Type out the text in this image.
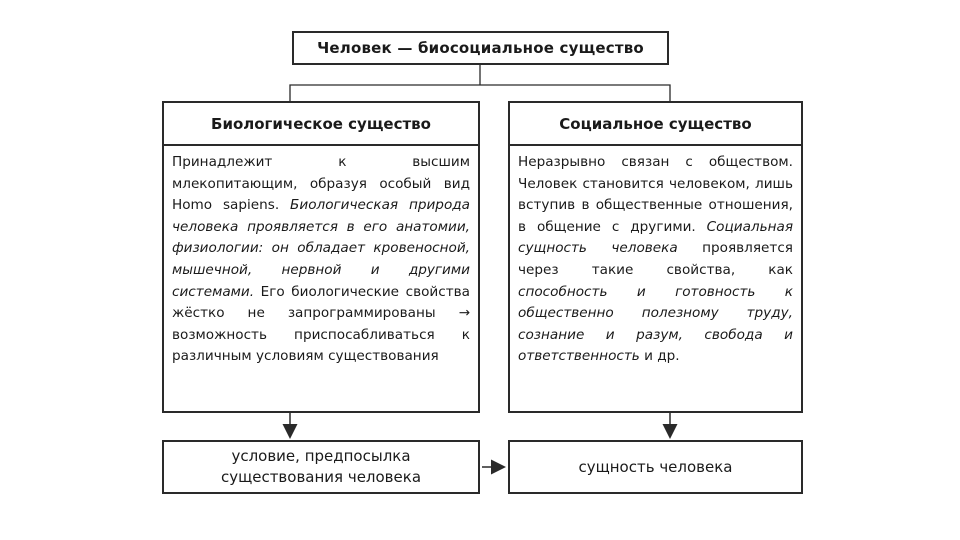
Человек — биосоциальное существо
Биологическое существо
Принадлежит к высшим млекопитающим, образуя особый вид Homo sapiens. Биологическая природа человека проявляется в его анатомии, физиологии: он обладает кровеносной, мышечной, нервной и другими системами. Его биологические свойства жёстко не запрограммированы → возможность приспосабливаться к различным условиям существования
Социальное существо
Неразрывно связан с обществом. Человек становится человеком, лишь вступив в общественные отношения, в общение с другими. Социальная сущность человека проявляется через такие свойства, как способность и готовность к общественно полезному труду, сознание и разум, свобода и ответственность и др.
условие, предпосылка существования человека
сущность человека
